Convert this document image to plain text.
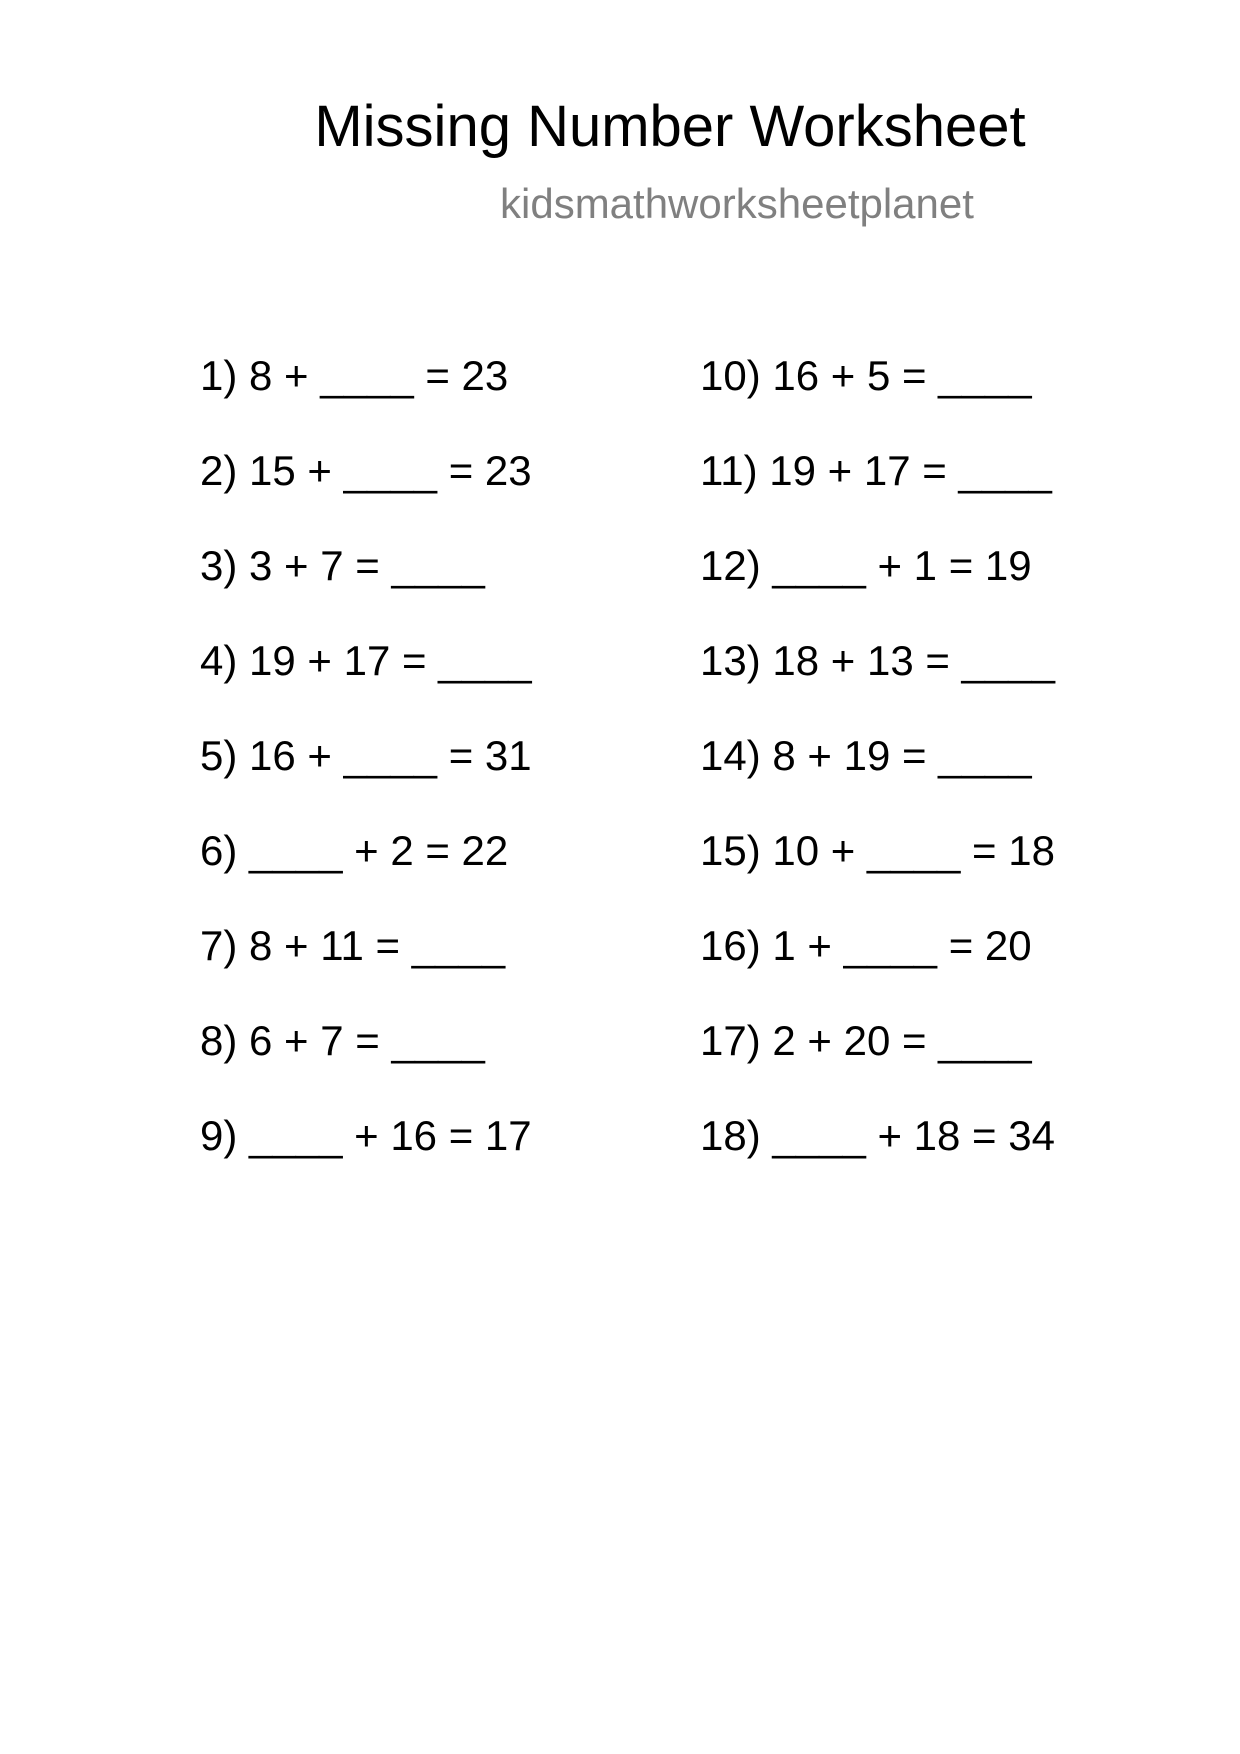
Missing Number Worksheet
kidsmathworksheetplanet
1) 8 + ____ = 23
2) 15 + ____ = 23
3) 3 + 7 = ____
4) 19 + 17 = ____
5) 16 + ____ = 31
6) ____ + 2 = 22
7) 8 + 11 = ____
8) 6 + 7 = ____
9) ____ + 16 = 17
10) 16 + 5 = ____
11) 19 + 17 = ____
12) ____ + 1 = 19
13) 18 + 13 = ____
14) 8 + 19 = ____
15) 10 + ____ = 18
16) 1 + ____ = 20
17) 2 + 20 = ____
18) ____ + 18 = 34
